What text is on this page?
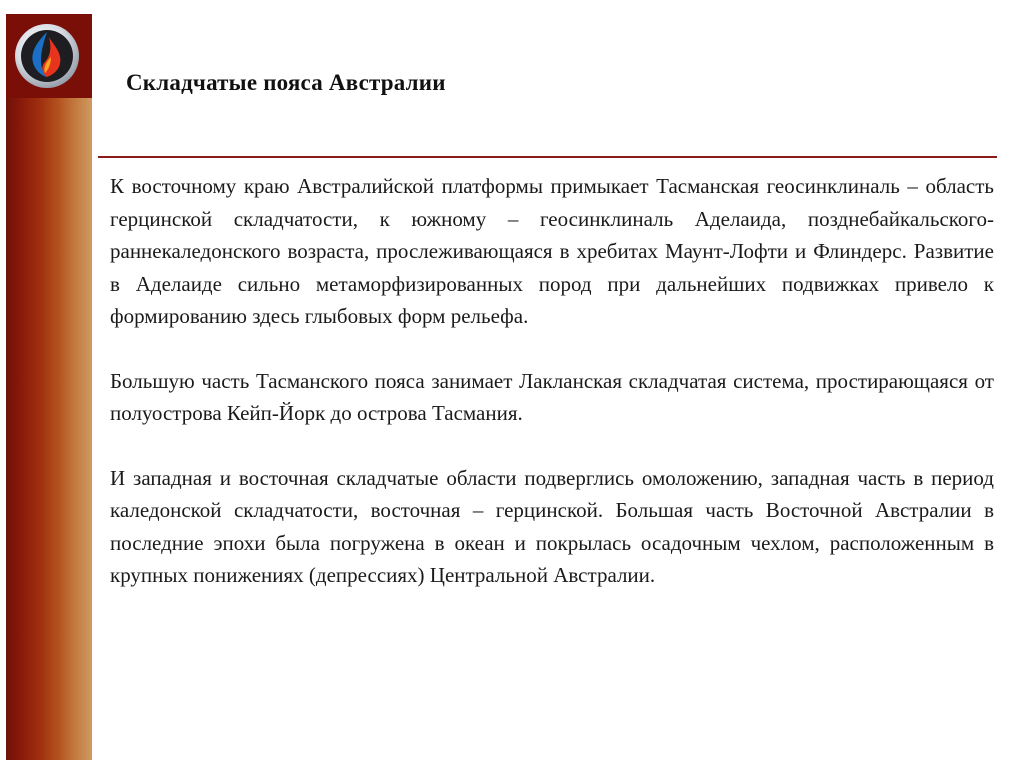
Складчатые пояса Австралии

К восточному краю Австралийской платформы примыкает Тасманская геосинклиналь – область герцинской складчатости, к южному – геосинклиналь Аделаида, позднебайкальского-раннекаледонского возраста, прослеживающаяся в хребитах Маунт-Лофти и Флиндерс. Развитие в Аделаиде сильно метаморфизированных пород при дальнейших подвижках привело к формированию здесь глыбовых форм рельефа.

Большую часть Тасманского пояса занимает Лакланская складчатая система, простирающаяся от полуострова Кейп-Йорк до острова Тасмания.

И западная и восточная складчатые области подверглись омоложению, западная часть в период каледонской складчатости, восточная – герцинской. Большая часть Восточной Австралии в последние эпохи была погружена в океан и покрылась осадочным чехлом, расположенным в крупных понижениях (депрессиях) Центральной Австралии.
